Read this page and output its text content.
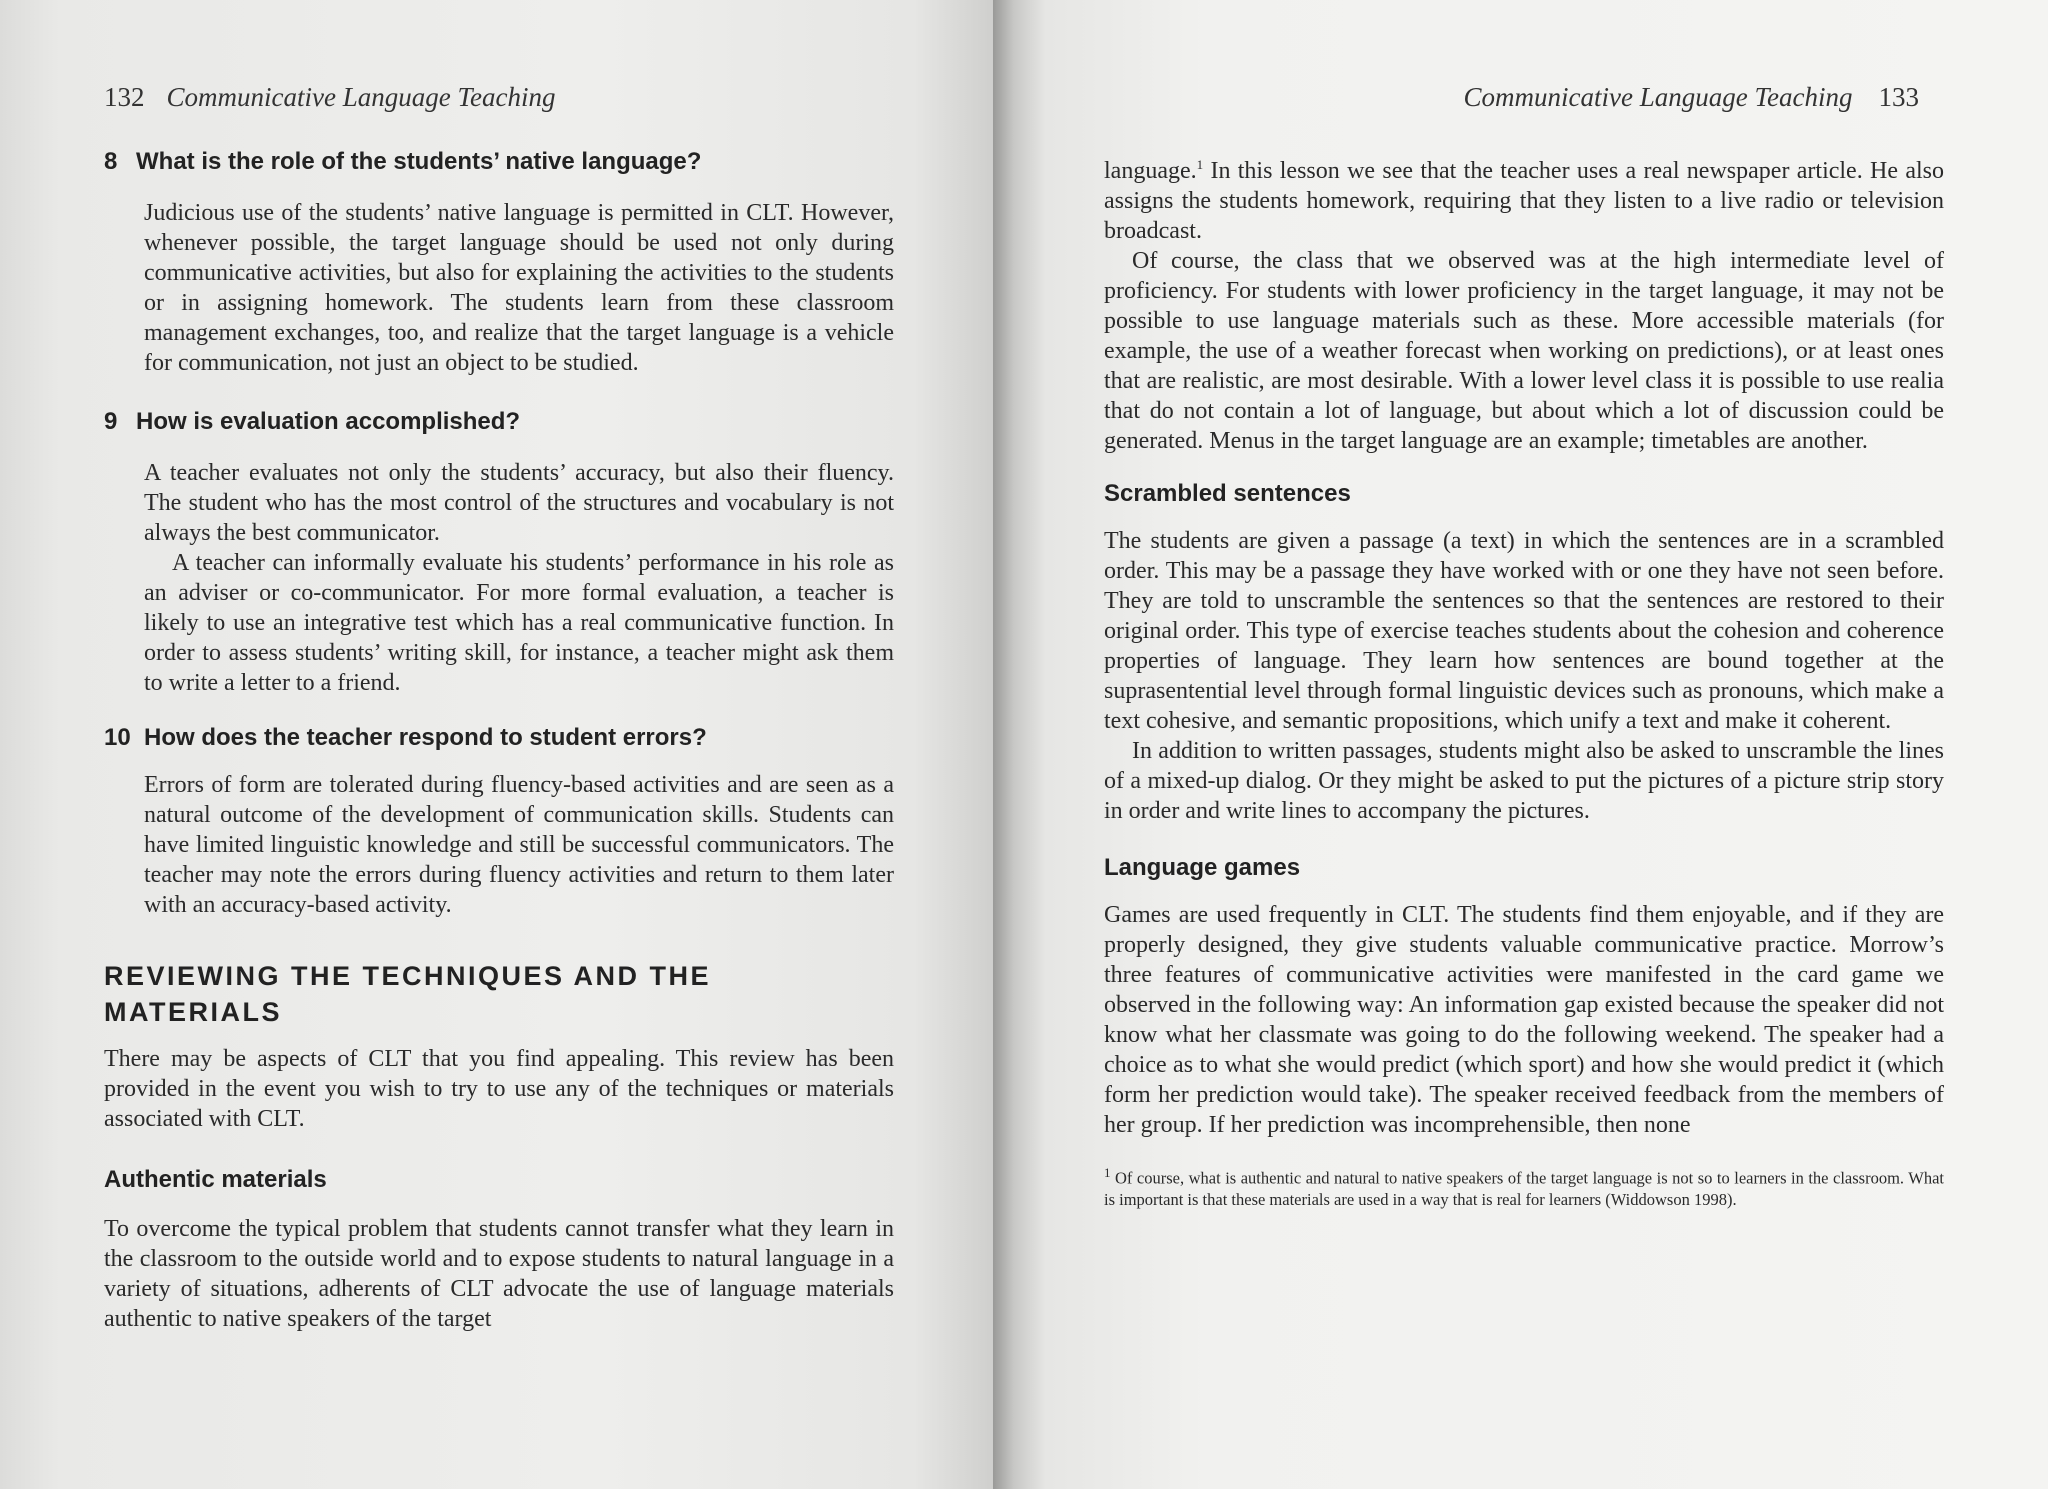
132 Communicative Language Teaching
8 What is the role of the students’ native language?

Judicious use of the students’ native language is permitted in CLT. However, whenever possible, the target language should be used not only during communicative activities, but also for explaining the activities to the students or in assigning homework. The students learn from these classroom management exchanges, too, and realize that the target language is a vehicle for communication, not just an object to be studied.

9 How is evaluation accomplished?

A teacher evaluates not only the students’ accuracy, but also their fluency. The student who has the most control of the structures and vocabulary is not always the best communicator.

A teacher can informally evaluate his students’ performance in his role as an adviser or co-communicator. For more formal evaluation, a teacher is likely to use an integrative test which has a real communicative function. In order to assess students’ writing skill, for instance, a teacher might ask them to write a letter to a friend.

10 How does the teacher respond to student errors?

Errors of form are tolerated during fluency-based activities and are seen as a natural outcome of the development of communication skills. Students can have limited linguistic knowledge and still be successful communicators. The teacher may note the errors during fluency activities and return to them later with an accuracy-based activity.

REVIEWING THE TECHNIQUES AND THE MATERIALS

There may be aspects of CLT that you find appealing. This review has been provided in the event you wish to try to use any of the techniques or materials associated with CLT.

Authentic materials

To overcome the typical problem that students cannot transfer what they learn in the classroom to the outside world and to expose students to natural language in a variety of situations, adherents of CLT advocate the use of language materials authentic to native speakers of the target

Communicative Language Teaching 133

language.$^1$ In this lesson we see that the teacher uses a real newspaper article. He also assigns the students homework, requiring that they listen to a live radio or television broadcast.

Of course, the class that we observed was at the high intermediate level of proficiency. For students with lower proficiency in the target language, it may not be possible to use language materials such as these. More accessible materials (for example, the use of a weather forecast when working on predictions), or at least ones that are realistic, are most desirable. With a lower level class it is possible to use realia that do not contain a lot of language, but about which a lot of discussion could be generated. Menus in the target language are an example; timetables are another.

Scrambled sentences

The students are given a passage (a text) in which the sentences are in a scrambled order. This may be a passage they have worked with or one they have not seen before. They are told to unscramble the sentences so that the sentences are restored to their original order. This type of exercise teaches students about the cohesion and coherence properties of language. They learn how sentences are bound together at the suprasentential level through formal linguistic devices such as pronouns, which make a text cohesive, and semantic propositions, which unify a text and make it coherent.

In addition to written passages, students might also be asked to unscramble the lines of a mixed-up dialog. Or they might be asked to put the pictures of a picture strip story in order and write lines to accompany the pictures.

Language games

Games are used frequently in CLT. The students find them enjoyable, and if they are properly designed, they give students valuable communicative practice. Morrow’s three features of communicative activities were manifested in the card game we observed in the following way: An information gap existed because the speaker did not know what her classmate was going to do the following weekend. The speaker had a choice as to what she would predict (which sport) and how she would predict it (which form her prediction would take). The speaker received feedback from the members of her group. If her prediction was incomprehensible, then none

$^1$ Of course, what is authentic and natural to native speakers of the target language is not so to learners in the classroom. What is important is that these materials are used in a way that is real for learners (Widdowson 1998).
